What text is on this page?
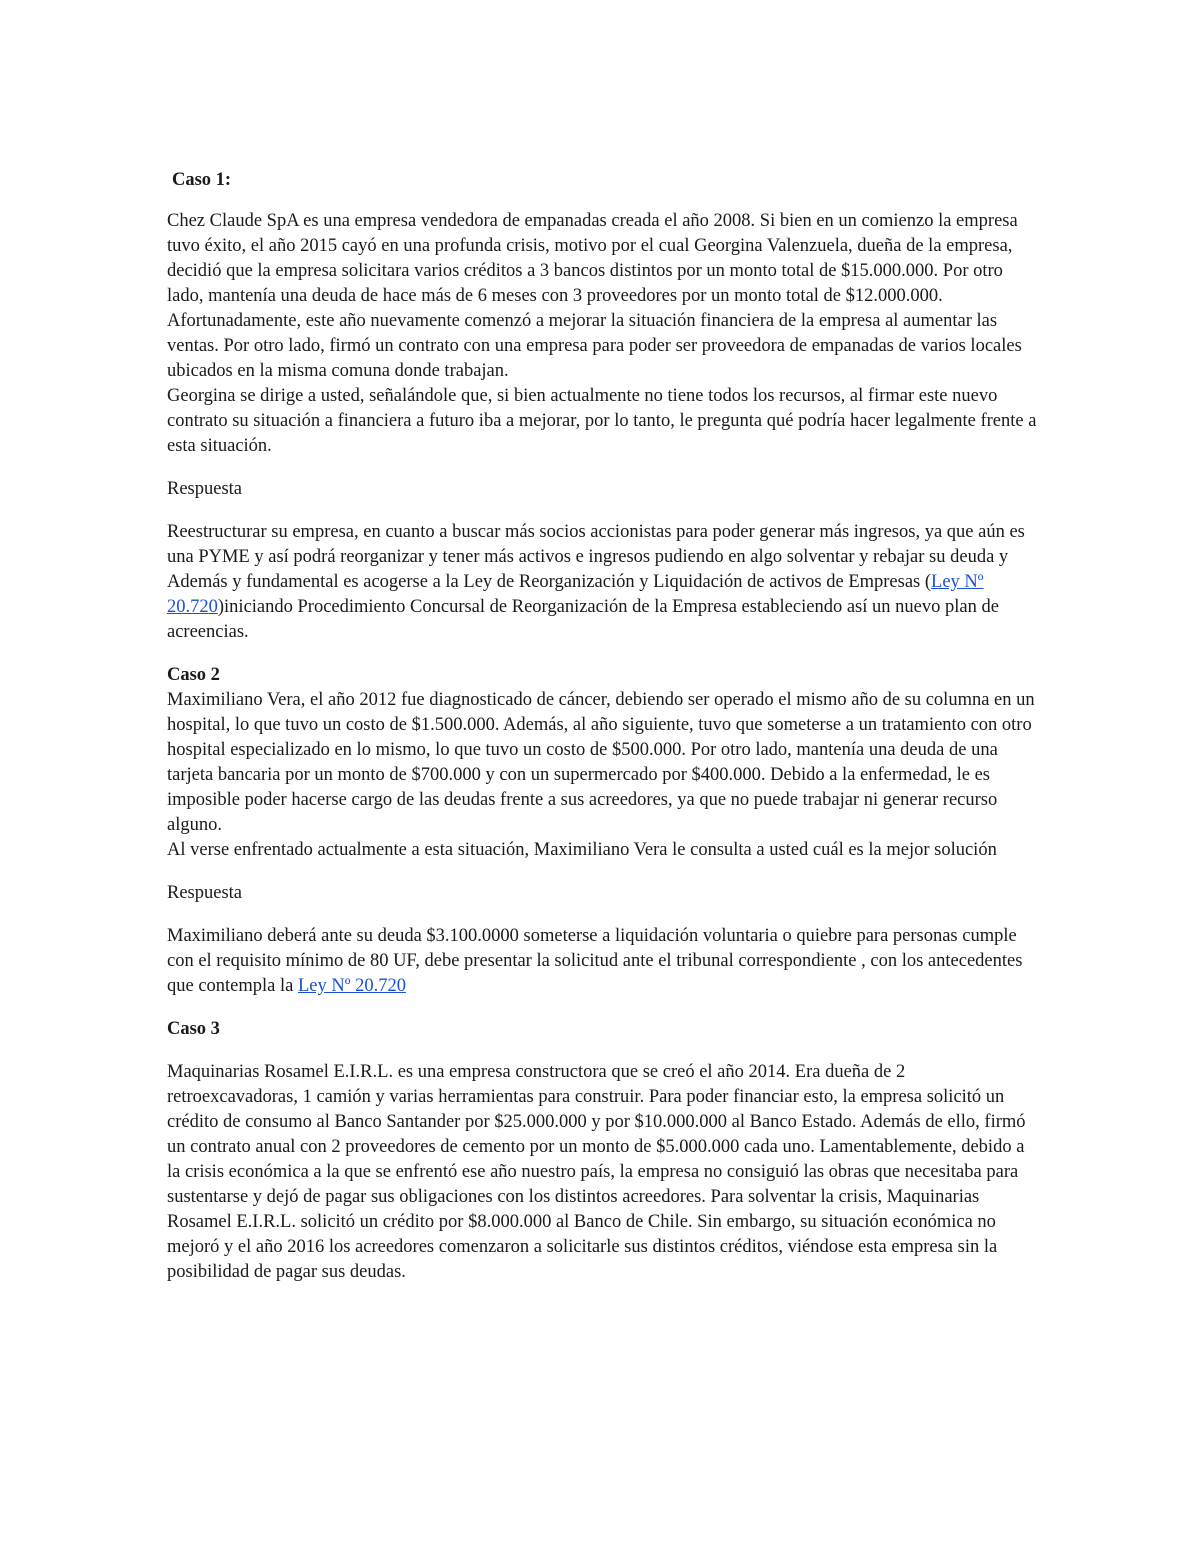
Caso 1:

Chez Claude SpA es una empresa vendedora de empanadas creada el año 2008. Si bien en un comienzo la empresa tuvo éxito, el año 2015 cayó en una profunda crisis, motivo por el cual Georgina Valenzuela, dueña de la empresa, decidió que la empresa solicitara varios créditos a 3 bancos distintos por un monto total de $15.000.000. Por otro lado, mantenía una deuda de hace más de 6 meses con 3 proveedores por un monto total de $12.000.000. Afortunadamente, este año nuevamente comenzó a mejorar la situación financiera de la empresa al aumentar las ventas. Por otro lado, firmó un contrato con una empresa para poder ser proveedora de empanadas de varios locales ubicados en la misma comuna donde trabajan.

Georgina se dirige a usted, señalándole que, si bien actualmente no tiene todos los recursos, al firmar este nuevo contrato su situación a financiera a futuro iba a mejorar, por lo tanto, le pregunta qué podría hacer legalmente frente a esta situación.

Respuesta

Reestructurar su empresa, en cuanto a buscar más socios accionistas para poder generar más ingresos, ya que aún es una PYME y así podrá reorganizar y tener más activos e ingresos pudiendo en algo solventar y rebajar su deuda y Además y fundamental es acogerse a la Ley de Reorganización y Liquidación de activos de Empresas (Ley Nº 20.720)iniciando Procedimiento Concursal de Reorganización de la Empresa estableciendo así un nuevo plan de acreencias.

Caso 2

Maximiliano Vera, el año 2012 fue diagnosticado de cáncer, debiendo ser operado el mismo año de su columna en un hospital, lo que tuvo un costo de $1.500.000. Además, al año siguiente, tuvo que someterse a un tratamiento con otro hospital especializado en lo mismo, lo que tuvo un costo de $500.000. Por otro lado, mantenía una deuda de una tarjeta bancaria por un monto de $700.000 y con un supermercado por $400.000. Debido a la enfermedad, le es imposible poder hacerse cargo de las deudas frente a sus acreedores, ya que no puede trabajar ni generar recurso alguno.

Al verse enfrentado actualmente a esta situación, Maximiliano Vera le consulta a usted cuál es la mejor solución

Respuesta

Maximiliano deberá ante su deuda $3.100.0000 someterse a liquidación voluntaria o quiebre para personas cumple con el requisito mínimo de 80 UF, debe presentar la solicitud ante el tribunal correspondiente , con los antecedentes que contempla la Ley Nº 20.720

Caso 3

Maquinarias Rosamel E.I.R.L. es una empresa constructora que se creó el año 2014. Era dueña de 2 retroexcavadoras, 1 camión y varias herramientas para construir. Para poder financiar esto, la empresa solicitó un crédito de consumo al Banco Santander por $25.000.000 y por $10.000.000 al Banco Estado. Además de ello, firmó un contrato anual con 2 proveedores de cemento por un monto de $5.000.000 cada uno. Lamentablemente, debido a la crisis económica a la que se enfrentó ese año nuestro país, la empresa no consiguió las obras que necesitaba para sustentarse y dejó de pagar sus obligaciones con los distintos acreedores. Para solventar la crisis, Maquinarias Rosamel E.I.R.L. solicitó un crédito por $8.000.000 al Banco de Chile. Sin embargo, su situación económica no mejoró y el año 2016 los acreedores comenzaron a solicitarle sus distintos créditos, viéndose esta empresa sin la posibilidad de pagar sus deudas.
